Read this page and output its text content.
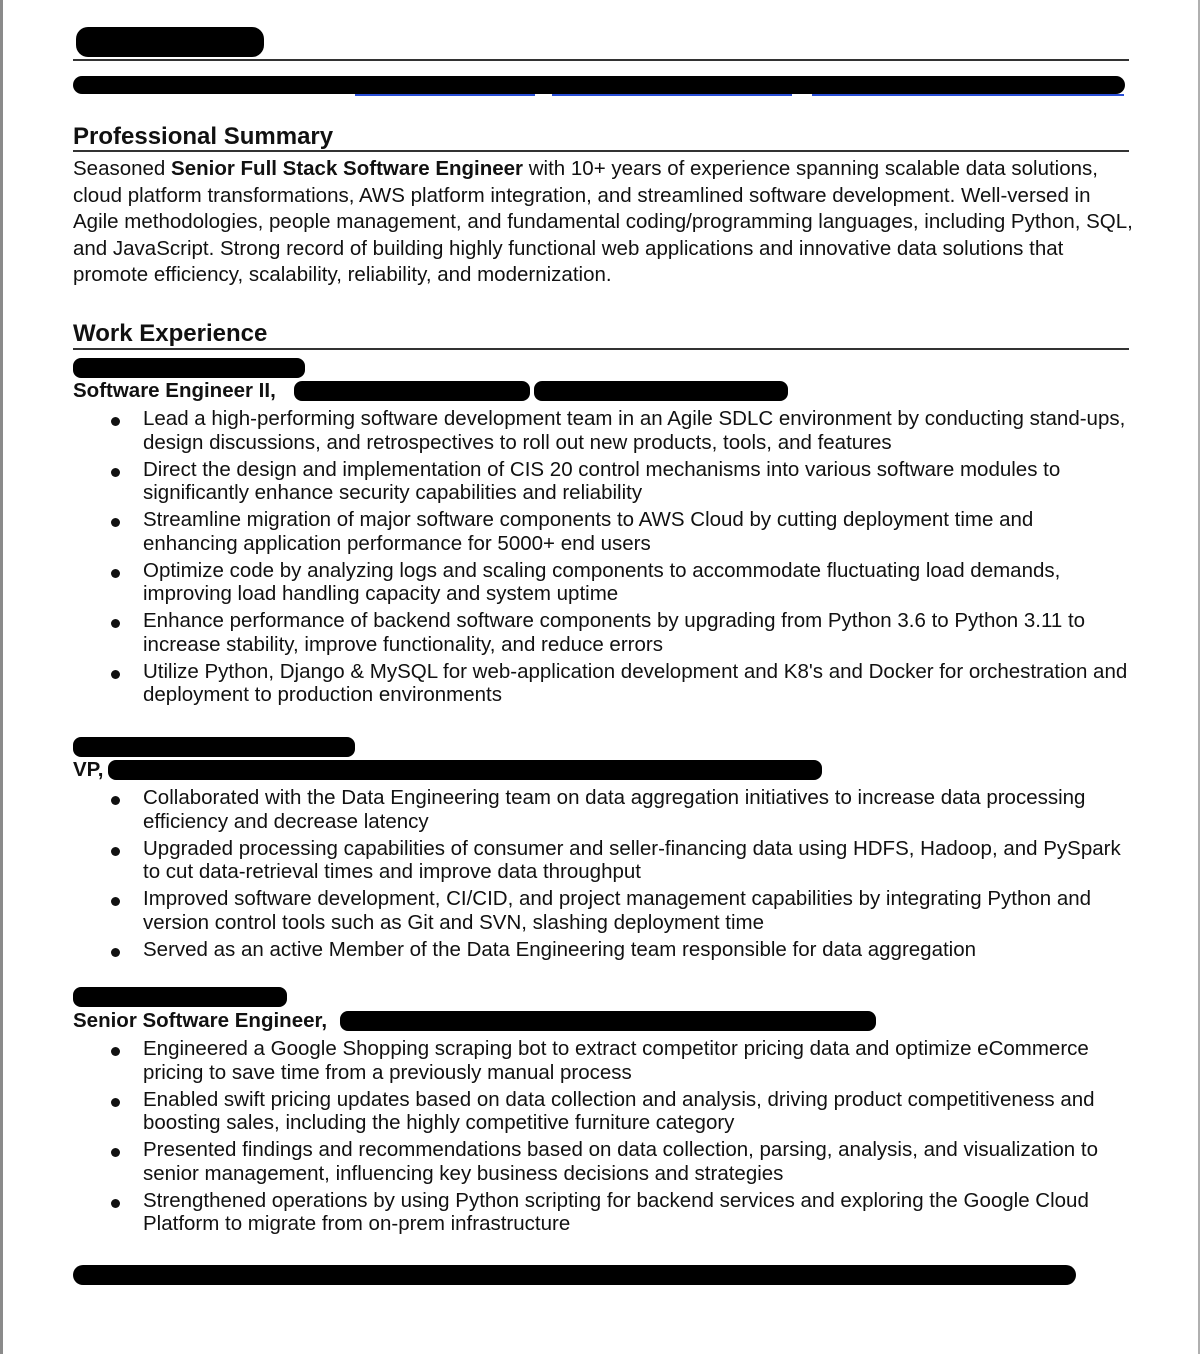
Professional Summary

Seasoned Senior Full Stack Software Engineer with 10+ years of experience spanning scalable data solutions, cloud platform transformations, AWS platform integration, and streamlined software development. Well-versed in Agile methodologies, people management, and fundamental coding/programming languages, including Python, SQL, and JavaScript. Strong record of building highly functional web applications and innovative data solutions that promote efficiency, scalability, reliability, and modernization.

Work Experience
Software Engineer II,
Lead a high-performing software development team in an Agile SDLC environment by conducting stand-ups, design discussions, and retrospectives to roll out new products, tools, and features
Direct the design and implementation of CIS 20 control mechanisms into various software modules to significantly enhance security capabilities and reliability
Streamline migration of major software components to AWS Cloud by cutting deployment time and enhancing application performance for 5000+ end users
Optimize code by analyzing logs and scaling components to accommodate fluctuating load demands, improving load handling capacity and system uptime
Enhance performance of backend software components by upgrading from Python 3.6 to Python 3.11 to increase stability, improve functionality, and reduce errors
Utilize Python, Django & MySQL for web-application development and K8's and Docker for orchestration and deployment to production environments
VP,
Collaborated with the Data Engineering team on data aggregation initiatives to increase data processing efficiency and decrease latency
Upgraded processing capabilities of consumer and seller-financing data using HDFS, Hadoop, and PySpark to cut data-retrieval times and improve data throughput
Improved software development, CI/CID, and project management capabilities by integrating Python and version control tools such as Git and SVN, slashing deployment time
Served as an active Member of the Data Engineering team responsible for data aggregation
Senior Software Engineer,
Engineered a Google Shopping scraping bot to extract competitor pricing data and optimize eCommerce pricing to save time from a previously manual process
Enabled swift pricing updates based on data collection and analysis, driving product competitiveness and boosting sales, including the highly competitive furniture category
Presented findings and recommendations based on data collection, parsing, analysis, and visualization to senior management, influencing key business decisions and strategies
Strengthened operations by using Python scripting for backend services and exploring the Google Cloud Platform to migrate from on-prem infrastructure
